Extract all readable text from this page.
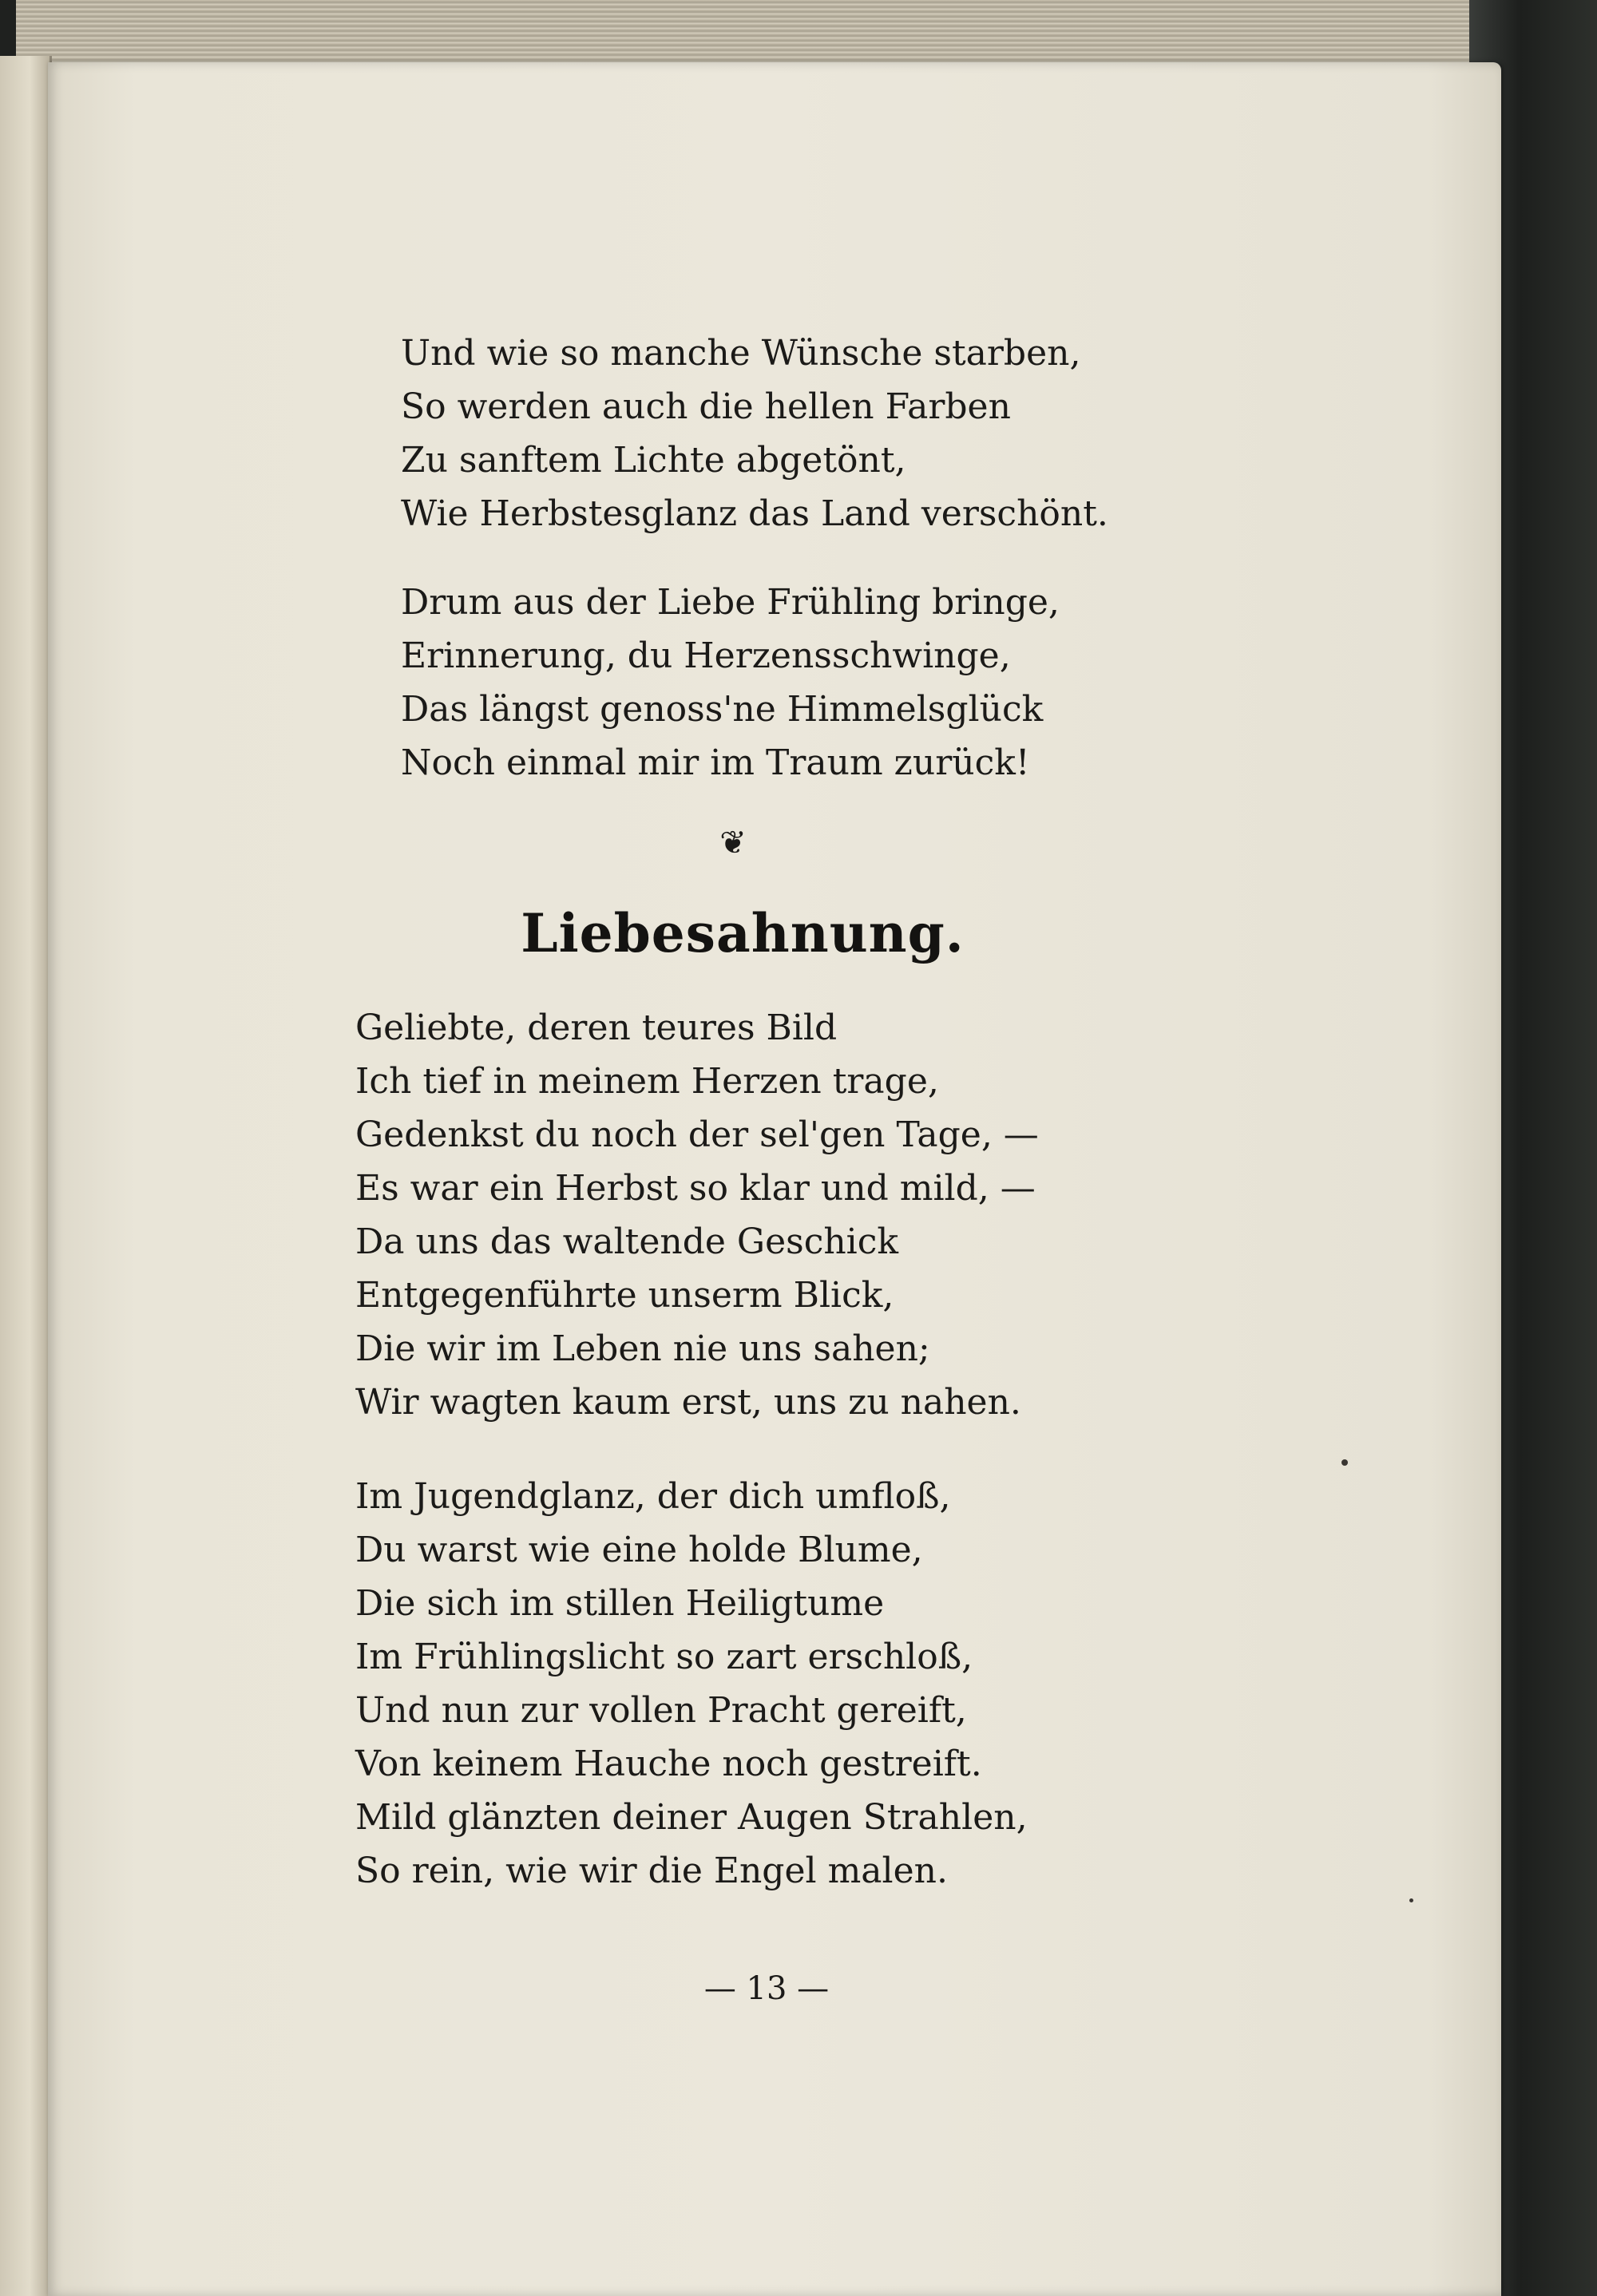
Und wie so manche Wünsche starben,
So werden auch die hellen Farben
Zu sanftem Lichte abgetönt,
Wie Herbstesglanz das Land verschönt.
Drum aus der Liebe Frühling bringe,
Erinnerung, du Herzensschwinge,
Das längst genoss'ne Himmelsglück
Noch einmal mir im Traum zurück!
❦
Liebesahnung.
Geliebte, deren teures Bild
Ich tief in meinem Herzen trage,
Gedenkst du noch der sel'gen Tage, —
Es war ein Herbst so klar und mild, —
Da uns das waltende Geschick
Entgegenführte unserm Blick,
Die wir im Leben nie uns sahen;
Wir wagten kaum erst, uns zu nahen.
Im Jugendglanz, der dich umfloß,
Du warst wie eine holde Blume,
Die sich im stillen Heiligtume
Im Frühlingslicht so zart erschloß,
Und nun zur vollen Pracht gereift,
Von keinem Hauche noch gestreift.
Mild glänzten deiner Augen Strahlen,
So rein, wie wir die Engel malen.
— 13 —
